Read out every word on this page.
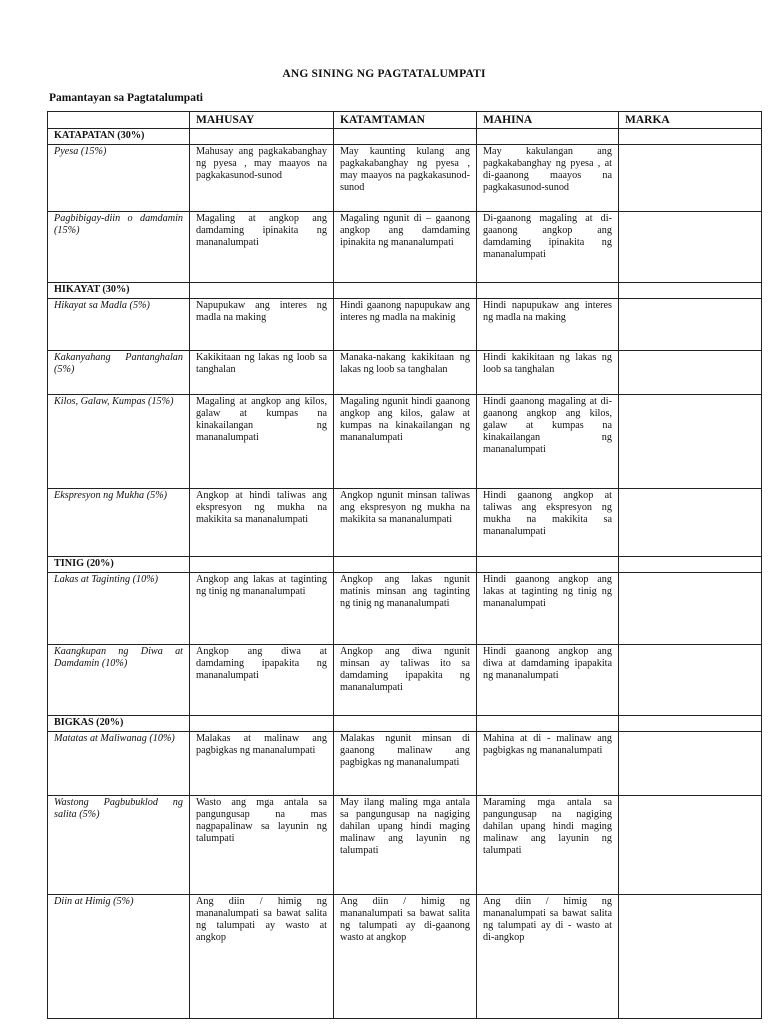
ANG SINING NG PAGTATALUMPATI
Pamantayan sa Pagtatalumpati
	MAHUSAY	KATAMTAMAN	MAHINA	MARKA
KATAPATAN (30%)				
Pyesa (15%)	Mahusay ang pagkakabanghay ng pyesa , may maayos na pagkakasunod-sunod	May kaunting kulang ang pagkakabanghay ng pyesa , may maayos na pagkakasunod-sunod	May kakulangan ang pagkakabanghay ng pyesa , at di-gaanong maayos na pagkakasunod-sunod	
Pagbibigay-diin o damdamin (15%)	Magaling at angkop ang damdaming ipinakita ng mananalumpati	Magaling ngunit di – gaanong angkop ang damdaming ipinakita ng mananalumpati	Di-gaanong magaling at di-gaanong angkop ang damdaming ipinakita ng mananalumpati	
HIKAYAT (30%)				
Hikayat sa Madla (5%)	Napupukaw ang interes ng madla na making	Hindi gaanong napupukaw ang interes ng madla na makinig	Hindi napupukaw ang interes ng madla na making	
Kakanyahang Pantanghalan (5%)	Kakikitaan ng lakas ng loob sa tanghalan	Manaka-nakang kakikitaan ng lakas ng loob sa tanghalan	Hindi kakikitaan ng lakas ng loob sa tanghalan	
Kilos, Galaw, Kumpas (15%)	Magaling at angkop ang kilos, galaw at kumpas na kinakailangan ng mananalumpati	Magaling ngunit hindi gaanong angkop ang kilos, galaw at kumpas na kinakailangan ng mananalumpati	Hindi gaanong magaling at di-gaanong angkop ang kilos, galaw at kumpas na kinakailangan ng mananalumpati	
Ekspresyon ng Mukha (5%)	Angkop at hindi taliwas ang ekspresyon ng mukha na makikita sa mananalumpati	Angkop ngunit minsan taliwas ang ekspresyon ng mukha na makikita sa mananalumpati	Hindi gaanong angkop at taliwas ang ekspresyon ng mukha na makikita sa mananalumpati	
TINIG (20%)				
Lakas at Taginting (10%)	Angkop ang lakas at taginting ng tinig ng mananalumpati	Angkop ang lakas ngunit matinis minsan ang taginting ng tinig ng mananalumpati	Hindi gaanong angkop ang lakas at taginting ng tinig ng mananalumpati	
Kaangkupan ng Diwa at Damdamin (10%)	Angkop ang diwa at damdaming ipapakita ng mananalumpati	Angkop ang diwa ngunit minsan ay taliwas ito sa damdaming ipapakita ng mananalumpati	Hindi gaanong angkop ang diwa at damdaming ipapakita ng mananalumpati	
BIGKAS (20%)				
Matatas at Maliwanag (10%)	Malakas at malinaw ang pagbigkas ng mananalumpati	Malakas ngunit minsan di gaanong malinaw ang pagbigkas ng mananalumpati	Mahina at di - malinaw ang pagbigkas ng mananalumpati	
Wastong Pagbubuklod ng salita (5%)	Wasto ang mga antala sa pangungusap na mas nagpapalinaw sa layunin ng talumpati	May ilang maling mga antala sa pangungusap na nagiging dahilan upang hindi maging malinaw ang layunin ng talumpati	Maraming mga antala sa pangungusap na nagiging dahilan upang hindi maging malinaw ang layunin ng talumpati	
Diin at Himig (5%)	Ang diin / himig ng mananalumpati sa bawat salita ng talumpati ay wasto at angkop	Ang diin / himig ng mananalumpati sa bawat salita ng talumpati ay di-gaanong wasto at angkop	Ang diin / himig ng mananalumpati sa bawat salita ng talumpati ay di - wasto at di-angkop	
